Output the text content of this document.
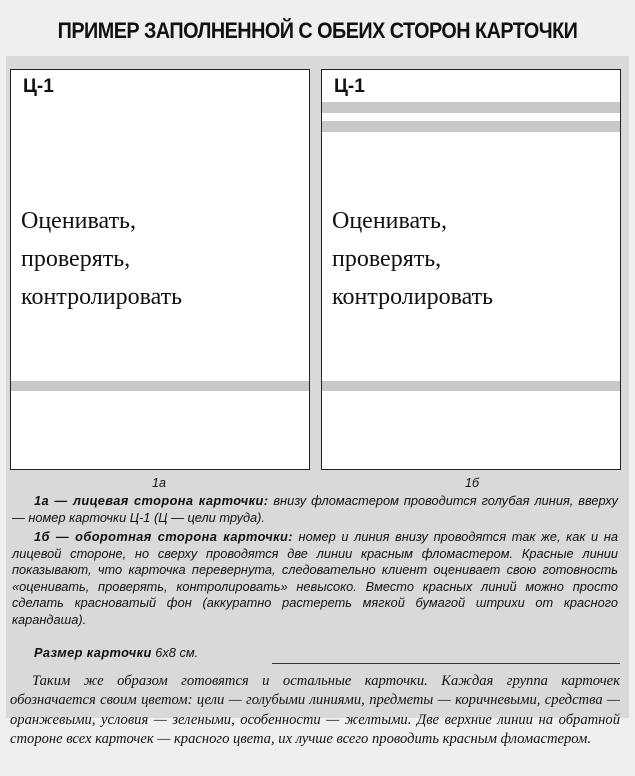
ПРИМЕР ЗАПОЛНЕННОЙ С ОБЕИХ СТОРОН КАРТОЧКИ
Ц-1
Оценивать,
проверять,
контролировать
Ц-1
Оценивать,
проверять,
контролировать
1а	1б
1а — лицевая сторона карточки: внизу фломастером проводится голубая линия, вверху — номер карточки Ц-1 (Ц — цели труда).
1б — оборотная сторона карточки: номер и линия внизу проводятся так же, как и на лицевой стороне, но сверху проводятся две линии красным фломастером. Красные линии показывают, что карточка перевернута, следовательно клиент оценивает свою готовность «оценивать, проверять, контролировать» невысоко. Вместо красных линий можно просто сделать красноватый фон (аккуратно растереть мягкой бумагой штрихи от красного карандаша).
Размер карточки 6х8 см.
Таким же образом готовятся и остальные карточки. Каждая группа карточек обозначается своим цветом: цели — голубыми линиями, предметы — коричневыми, средства — оранжевыми, условия — зелеными, особенности — желтыми. Две верхние линии на обратной стороне всех карточек — красного цвета, их лучше всего проводить красным фломастером.
